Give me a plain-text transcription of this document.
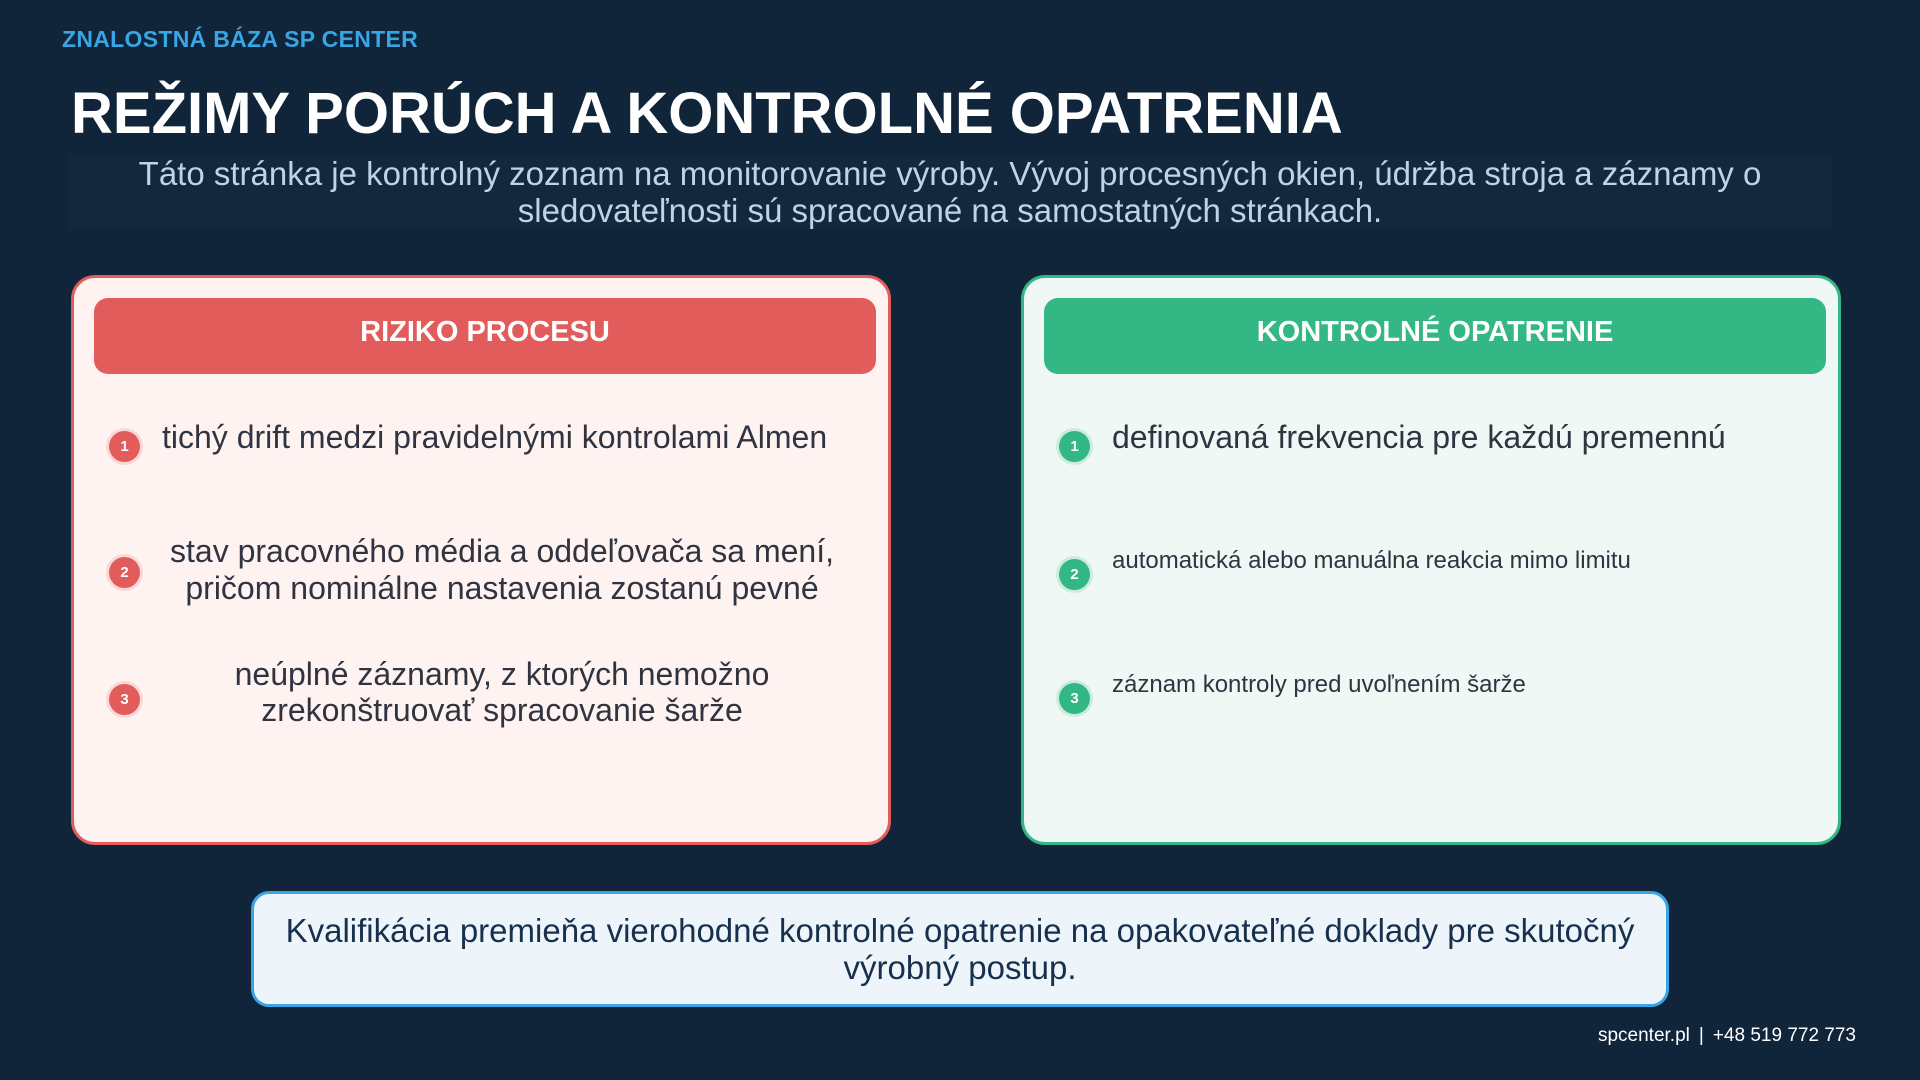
ZNALOSTNÁ BÁZA SP CENTER
REŽIMY PORÚCH A KONTROLNÉ OPATRENIA

Táto stránka je kontrolný zoznam na monitorovanie výroby. Vývoj procesných okien, údržba stroja a záznamy o sledovateľnosti sú spracované na samostatných stránkach.

RIZIKO PROCESU
1	tichý drift medzi pravidelnými kontrolami Almen

2

stav pracovného média a oddeľovača sa mení, pričom nominálne nastavenia zostanú pevné

3

neúplné záznamy, z ktorých nemožno zrekonštruovať spracovanie šarže

KONTROLNÉ OPATRENIE
1	definovaná frekvencia pre každú premennú

2

automatická alebo manuálna reakcia mimo limitu

3

záznam kontroly pred uvoľnením šarže

Kvalifikácia premieňa vierohodné kontrolné opatrenie na opakovateľné doklady pre skutočný výrobný postup.
spcenter.pl | +48 519 772 773
